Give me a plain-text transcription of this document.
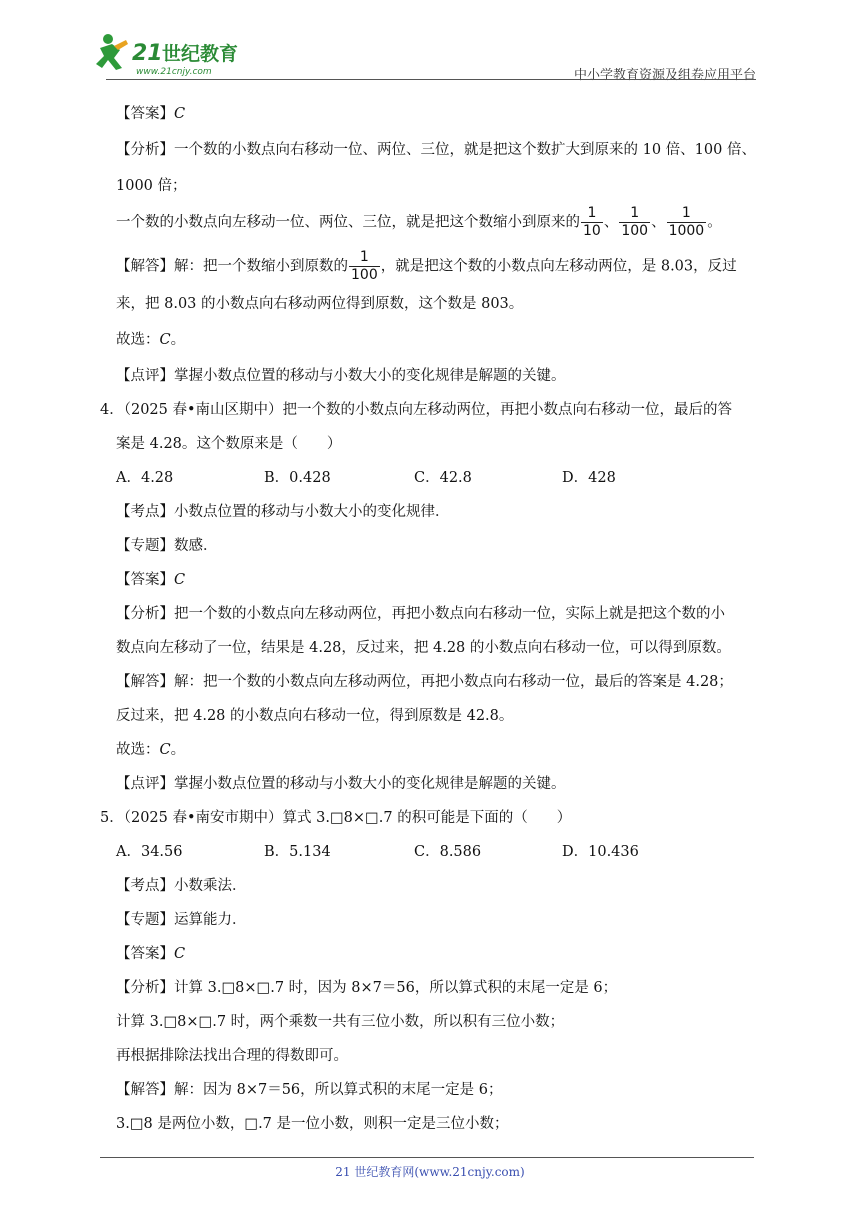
21 世纪教育
www.21cnjy.com	中小学教育资源及组卷应用平台
【答案】C
【分析】一个数的小数点向右移动一位、两位、三位，就是把这个数扩大到原来的 10 倍、100 倍、
1000 倍；
一个数的小数点向左移动一位、两位、三位，就是把这个数缩小到原来的 $\frac{1}{10}$ 、 $\frac{1}{100}$ 、 $\frac{1}{1000}$ 。
【解答】解：把一个数缩小到原数的 $\frac{1}{100}$ ，就是把这个数的小数点向左移动两位，是 8.03，反过
来，把 8.03 的小数点向右移动两位得到原数，这个数是 803。
故选：C。
【点评】掌握小数点位置的移动与小数大小的变化规律是解题的关键。
4．（2025 春•南山区期中）把一个数的小数点向左移动两位，再把小数点向右移动一位，最后的答
案是 4.28。这个数原来是（　　）
A．4.28	B．0.428	C．42.8	D．428
【考点】小数点位置的移动与小数大小的变化规律．
【专题】数感．
【答案】C
【分析】把一个数的小数点向左移动两位，再把小数点向右移动一位，实际上就是把这个数的小
数点向左移动了一位，结果是 4.28，反过来，把 4.28 的小数点向右移动一位，可以得到原数。
【解答】解：把一个数的小数点向左移动两位，再把小数点向右移动一位，最后的答案是 4.28；
反过来，把 4.28 的小数点向右移动一位，得到原数是 42.8。
故选：C。
【点评】掌握小数点位置的移动与小数大小的变化规律是解题的关键。
5．（2025 春•南安市期中）算式 3.□8×□.7 的积可能是下面的（　　）
A．34.56	B．5.134	C．8.586	D．10.436
【考点】小数乘法．
【专题】运算能力．
【答案】C
【分析】计算 3.□8×□.7 时，因为 8×7＝56，所以算式积的末尾一定是 6；
计算 3.□8×□.7 时，两个乘数一共有三位小数，所以积有三位小数；
再根据排除法找出合理的得数即可。
【解答】解：因为 8×7＝56，所以算式积的末尾一定是 6；
3.□8 是两位小数，□.7 是一位小数，则积一定是三位小数；
21 世纪教育网(www.21cnjy.com)
